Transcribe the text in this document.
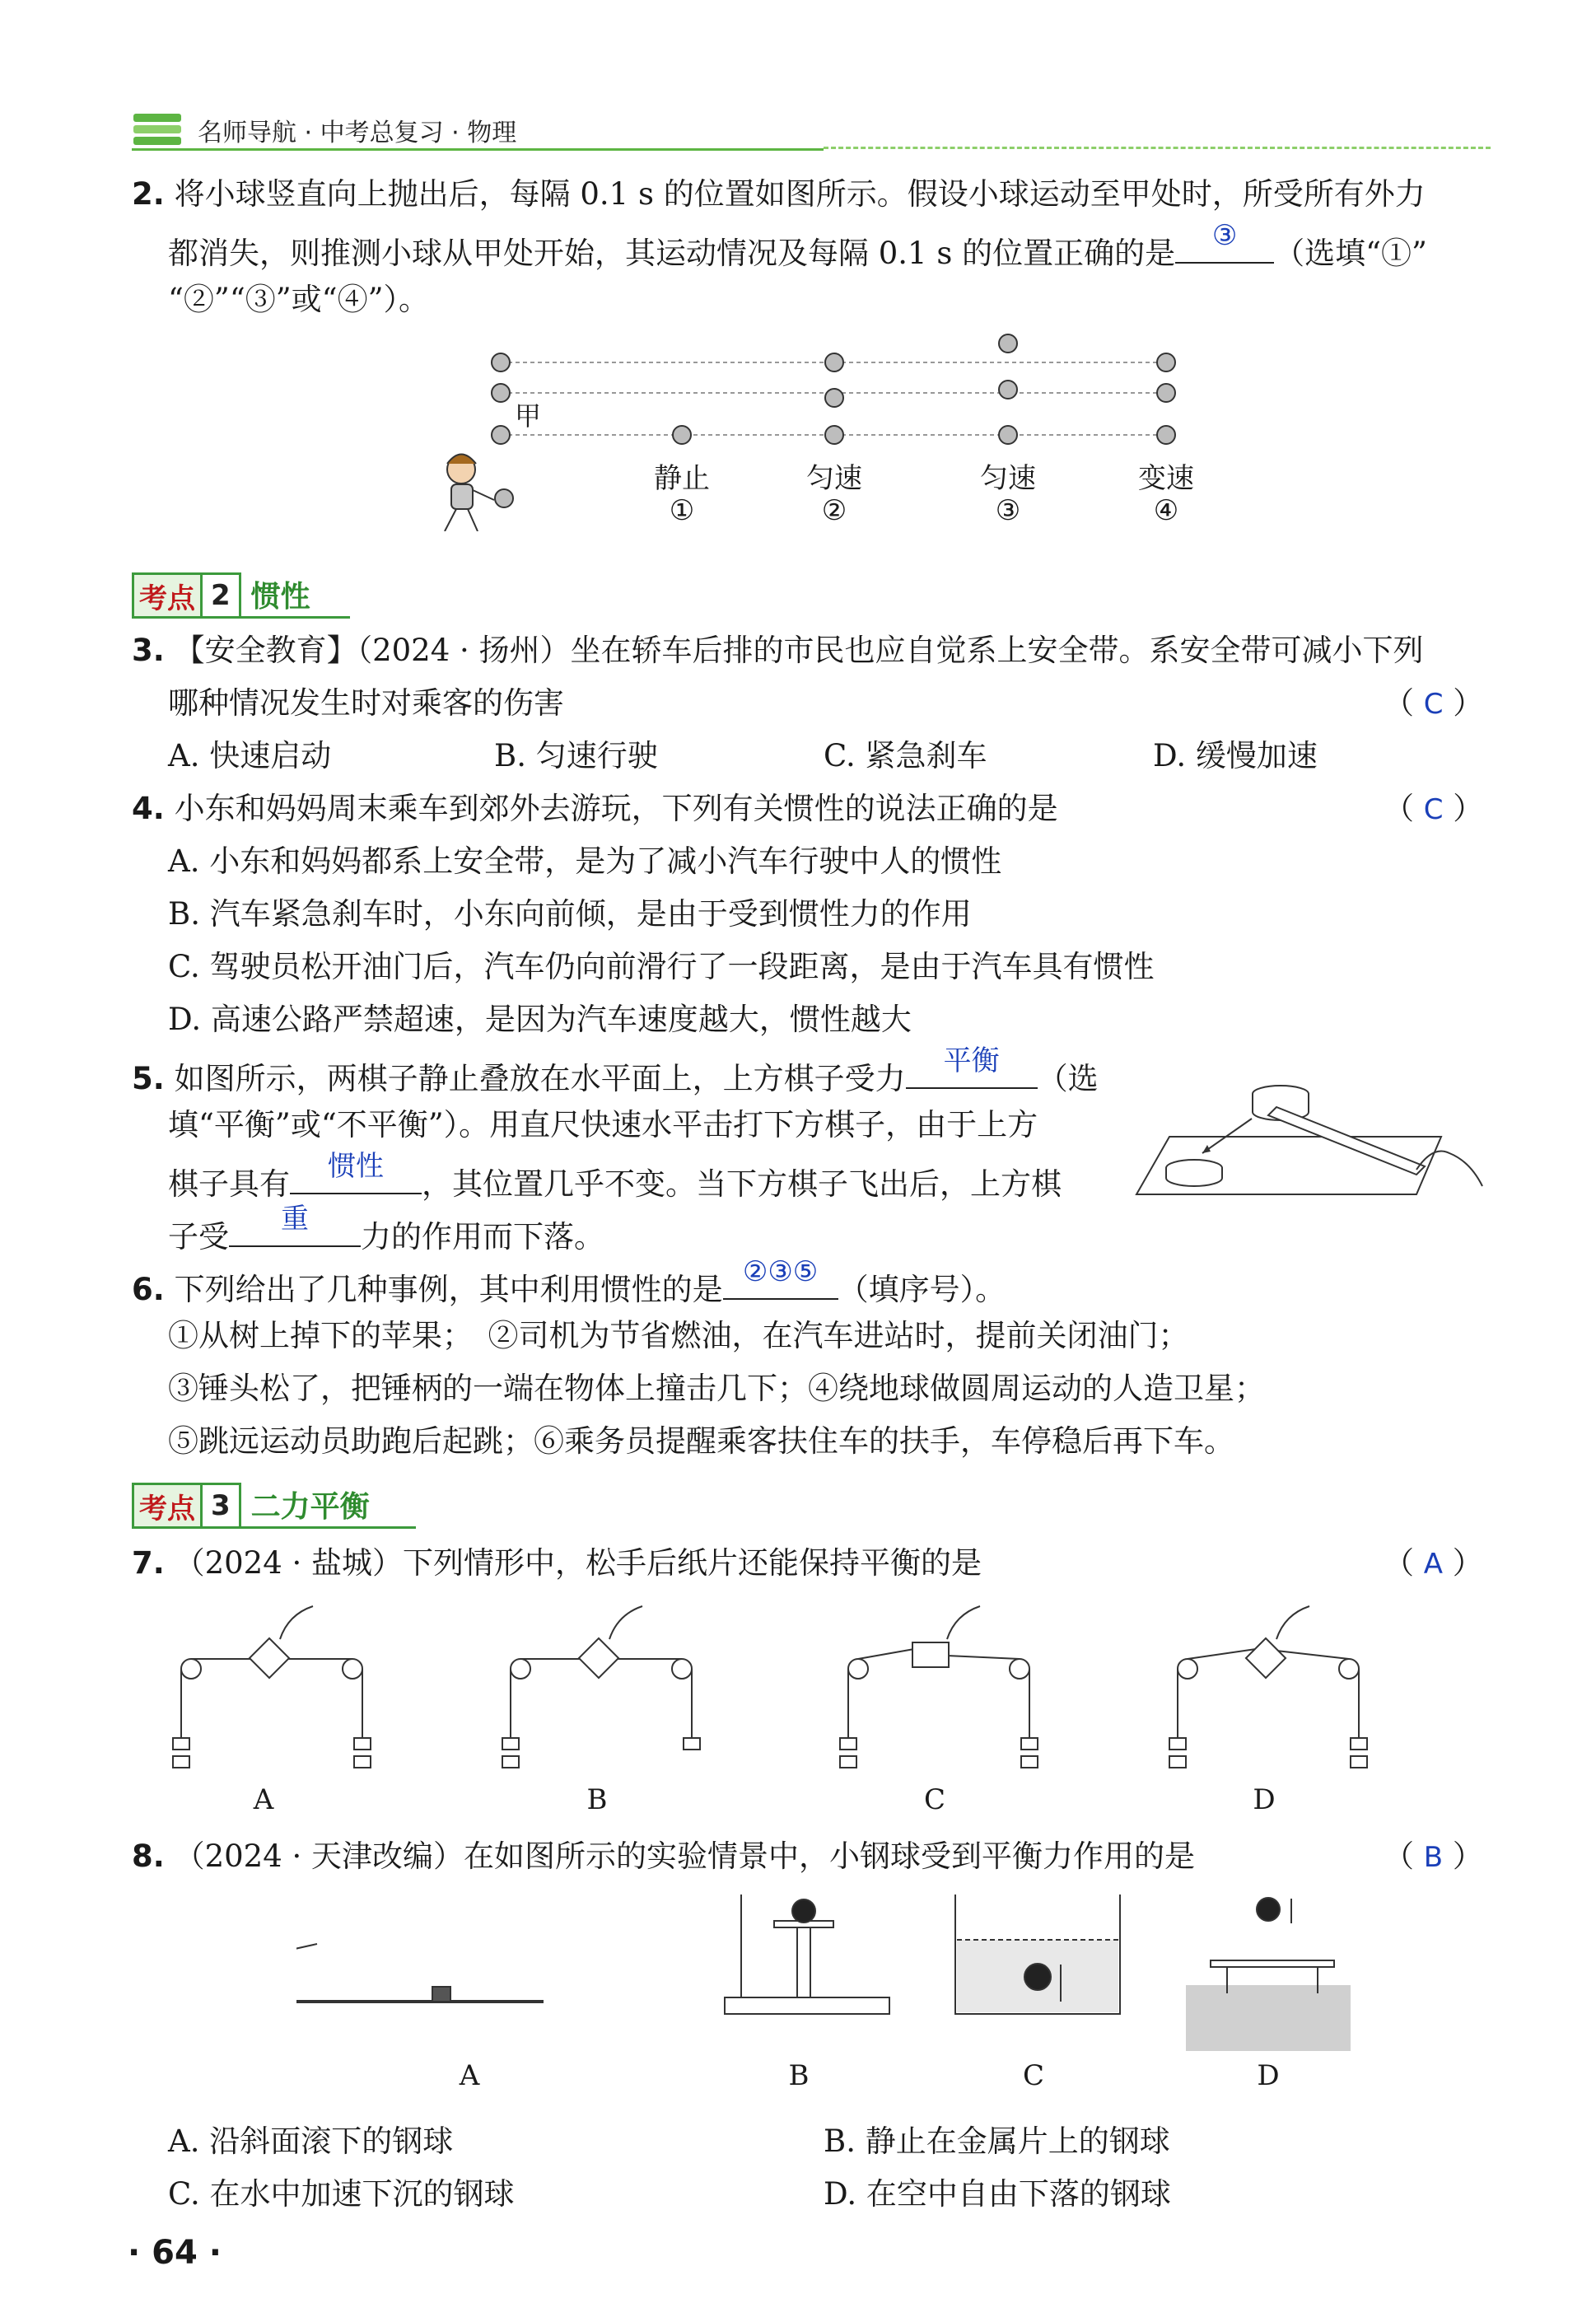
名师导航 · 中考总复习 · 物理
2. 将小球竖直向上抛出后，每隔 0.1 s 的位置如图所示。假设小球运动至甲处时，所受所有外力
都消失，则推测小球从甲处开始，其运动情况及每隔 0.1 s 的位置正确的是	③	（选填“①”
“②”“③”或“④”）。
甲
静止	匀速	匀速	变速
①	②	③	④
考点 2 惯性
3. 【安全教育】（2024 · 扬州）坐在轿车后排的市民也应自觉系上安全带。系安全带可减小下列
哪种情况发生时对乘客的伤害	（ C ）
A. 快速启动	B. 匀速行驶	C. 紧急刹车	D. 缓慢加速
4. 小东和妈妈周末乘车到郊外去游玩，下列有关惯性的说法正确的是	（ C ）
A. 小东和妈妈都系上安全带，是为了减小汽车行驶中人的惯性
B. 汽车紧急刹车时，小东向前倾，是由于受到惯性力的作用
C. 驾驶员松开油门后，汽车仍向前滑行了一段距离，是由于汽车具有惯性
D. 高速公路严禁超速，是因为汽车速度越大，惯性越大
5. 如图所示，两棋子静止叠放在水平面上，上方棋子受力	平衡	（选
填“平衡”或“不平衡”）。用直尺快速水平击打下方棋子，由于上方
棋子具有	惯性	，其位置几乎不变。当下方棋子飞出后，上方棋
子受	重	力的作用而下落。
6. 下列给出了几种事例，其中利用惯性的是 ②③⑤ （填序号）。
①从树上掉下的苹果；　②司机为节省燃油，在汽车进站时，提前关闭油门；
③锤头松了，把锤柄的一端在物体上撞击几下；④绕地球做圆周运动的人造卫星；
⑤跳远运动员助跑后起跳；⑥乘务员提醒乘客扶住车的扶手，车停稳后再下车。
考点 3 二力平衡
7. （2024 · 盐城）下列情形中，松手后纸片还能保持平衡的是	（ A ）
A	B	C	D
8. （2024 · 天津改编）在如图所示的实验情景中，小钢球受到平衡力作用的是	（ B ）
A	B	C	D
A. 沿斜面滚下的钢球	B. 静止在金属片上的钢球
C. 在水中加速下沉的钢球	D. 在空中自由下落的钢球
· 64 ·
